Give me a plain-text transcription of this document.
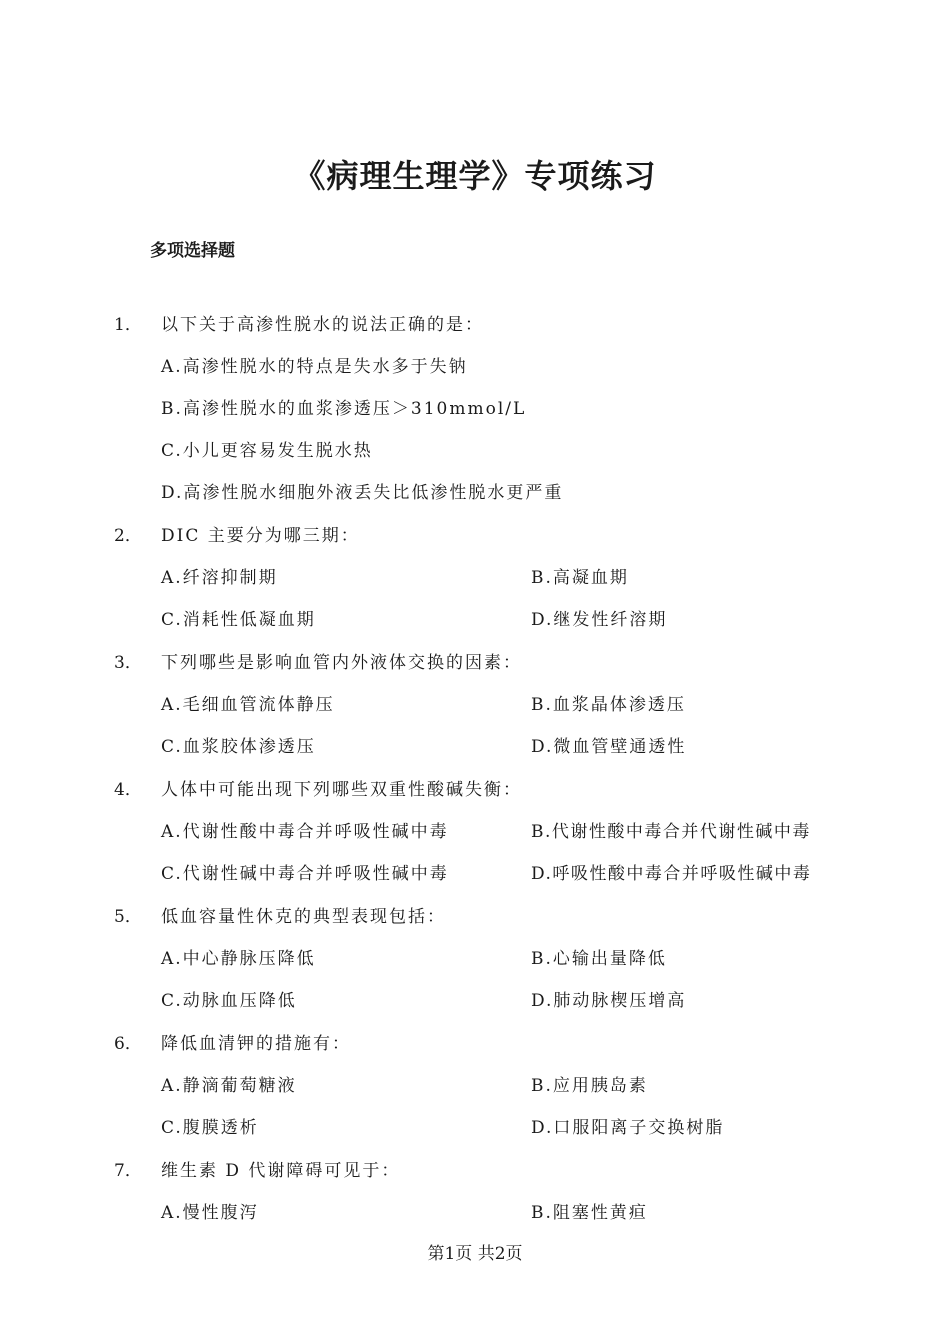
《病理生理学》专项练习
多项选择题
1． 以下关于高渗性脱水的说法正确的是：
A.高渗性脱水的特点是失水多于失钠
B.高渗性脱水的血浆渗透压＞310mmol/L
C.小儿更容易发生脱水热
D.高渗性脱水细胞外液丢失比低渗性脱水更严重
2． DIC 主要分为哪三期：
A.纤溶抑制期	B.高凝血期
C.消耗性低凝血期	D.继发性纤溶期
3． 下列哪些是影响血管内外液体交换的因素：
A.毛细血管流体静压	B.血浆晶体渗透压
C.血浆胶体渗透压	D.微血管壁通透性
4． 人体中可能出现下列哪些双重性酸碱失衡：
A.代谢性酸中毒合并呼吸性碱中毒	B.代谢性酸中毒合并代谢性碱中毒
C.代谢性碱中毒合并呼吸性碱中毒	D.呼吸性酸中毒合并呼吸性碱中毒
5． 低血容量性休克的典型表现包括：
A.中心静脉压降低	B.心输出量降低
C.动脉血压降低	D.肺动脉楔压增高
6． 降低血清钾的措施有：
A.静滴葡萄糖液	B.应用胰岛素
C.腹膜透析	D.口服阳离子交换树脂
7． 维生素 D 代谢障碍可见于：
A.慢性腹泻	B.阻塞性黄疸
第1页 共2页
